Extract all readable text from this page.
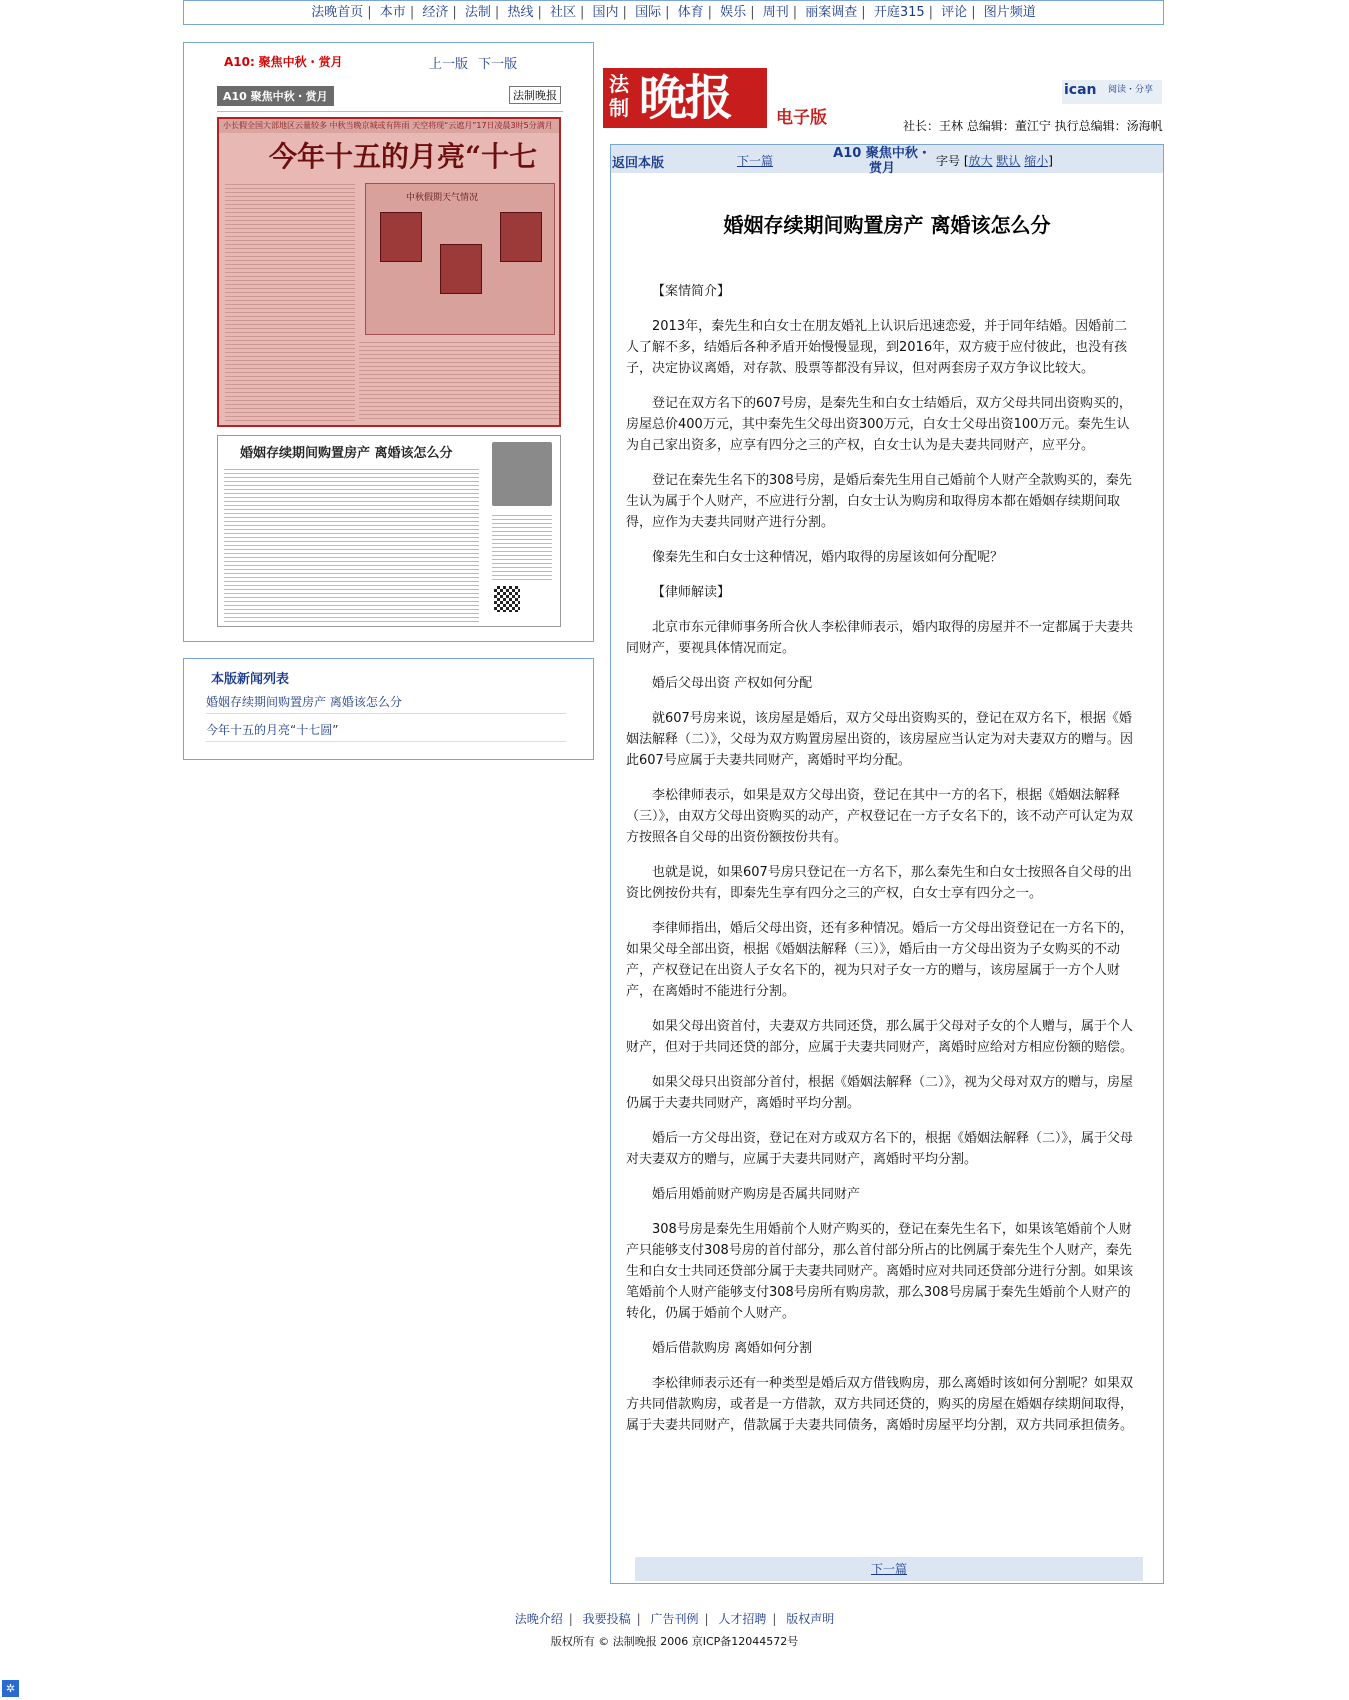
法晚首页 | 本市 | 经济 | 法制 | 热线 | 社区 | 国内 | 国际 | 体育 | 娱乐 | 周刊 | 丽案调查 | 开庭315 | 评论 | 图片频道
A10: 聚焦中秋・赏月	上一版 下一版
A10 聚焦中秋・赏月	法制晚报
小长假全国大部地区云量较多 中秋当晚京城或有阵雨 天空将现“云遮月”17日凌晨3时5分满月
今年十五的月亮“十七
中秋假期天气情况
婚姻存续期间购置房产 离婚该怎么分
本版新闻列表
婚姻存续期间购置房产 离婚该怎么分
今年十五的月亮“十七圆”
法制 晚报	电子版
ican 阅读・分享
社长：王林 总编辑：董江宁 执行总编辑：汤海帆
返回本版	下一篇	A10 聚焦中秋・赏月	字号 [放大 默认 缩小]
婚姻存续期间购置房产 离婚该怎么分

【案情简介】

2013年，秦先生和白女士在朋友婚礼上认识后迅速恋爱，并于同年结婚。因婚前二人了解不多，结婚后各种矛盾开始慢慢显现，到2016年，双方疲于应付彼此，也没有孩子，决定协议离婚，对存款、股票等都没有异议，但对两套房子双方争议比较大。

登记在双方名下的607号房，是秦先生和白女士结婚后，双方父母共同出资购买的，房屋总价400万元，其中秦先生父母出资300万元，白女士父母出资100万元。秦先生认为自己家出资多，应享有四分之三的产权，白女士认为是夫妻共同财产，应平分。

登记在秦先生名下的308号房，是婚后秦先生用自己婚前个人财产全款购买的，秦先生认为属于个人财产，不应进行分割，白女士认为购房和取得房本都在婚姻存续期间取得，应作为夫妻共同财产进行分割。

像秦先生和白女士这种情况，婚内取得的房屋该如何分配呢？

【律师解读】

北京市东元律师事务所合伙人李松律师表示，婚内取得的房屋并不一定都属于夫妻共同财产，要视具体情况而定。

婚后父母出资 产权如何分配

就607号房来说，该房屋是婚后，双方父母出资购买的，登记在双方名下，根据《婚姻法解释（二）》，父母为双方购置房屋出资的，该房屋应当认定为对夫妻双方的赠与。因此607号应属于夫妻共同财产，离婚时平均分配。

李松律师表示，如果是双方父母出资，登记在其中一方的名下，根据《婚姻法解释（三）》，由双方父母出资购买的动产，产权登记在一方子女名下的，该不动产可认定为双方按照各自父母的出资份额按份共有。

也就是说，如果607号房只登记在一方名下，那么秦先生和白女士按照各自父母的出资比例按份共有，即秦先生享有四分之三的产权，白女士享有四分之一。

李律师指出，婚后父母出资，还有多种情况。婚后一方父母出资登记在一方名下的，如果父母全部出资，根据《婚姻法解释（三）》，婚后由一方父母出资为子女购买的不动产，产权登记在出资人子女名下的，视为只对子女一方的赠与，该房屋属于一方个人财产，在离婚时不能进行分割。

如果父母出资首付，夫妻双方共同还贷，那么属于父母对子女的个人赠与，属于个人财产，但对于共同还贷的部分，应属于夫妻共同财产，离婚时应给对方相应份额的赔偿。

如果父母只出资部分首付，根据《婚姻法解释（二）》，视为父母对双方的赠与，房屋仍属于夫妻共同财产，离婚时平均分割。

婚后一方父母出资，登记在对方或双方名下的，根据《婚姻法解释（二）》，属于父母对夫妻双方的赠与，应属于夫妻共同财产，离婚时平均分割。

婚后用婚前财产购房是否属共同财产

308号房是秦先生用婚前个人财产购买的，登记在秦先生名下，如果该笔婚前个人财产只能够支付308号房的首付部分，那么首付部分所占的比例属于秦先生个人财产，秦先生和白女士共同还贷部分属于夫妻共同财产。离婚时应对共同还贷部分进行分割。如果该笔婚前个人财产能够支付308号房所有购房款，那么308号房属于秦先生婚前个人财产的转化，仍属于婚前个人财产。

婚后借款购房 离婚如何分割

李松律师表示还有一种类型是婚后双方借钱购房，那么离婚时该如何分割呢？如果双方共同借款购房，或者是一方借款，双方共同还贷的，购买的房屋在婚姻存续期间取得，属于夫妻共同财产，借款属于夫妻共同债务，离婚时房屋平均分割，双方共同承担债务。

下一篇
法晚介绍 | 我要投稿 | 广告刊例 | 人才招聘 | 版权声明
版权所有 © 法制晚报 2006 京ICP备12044572号
✲
